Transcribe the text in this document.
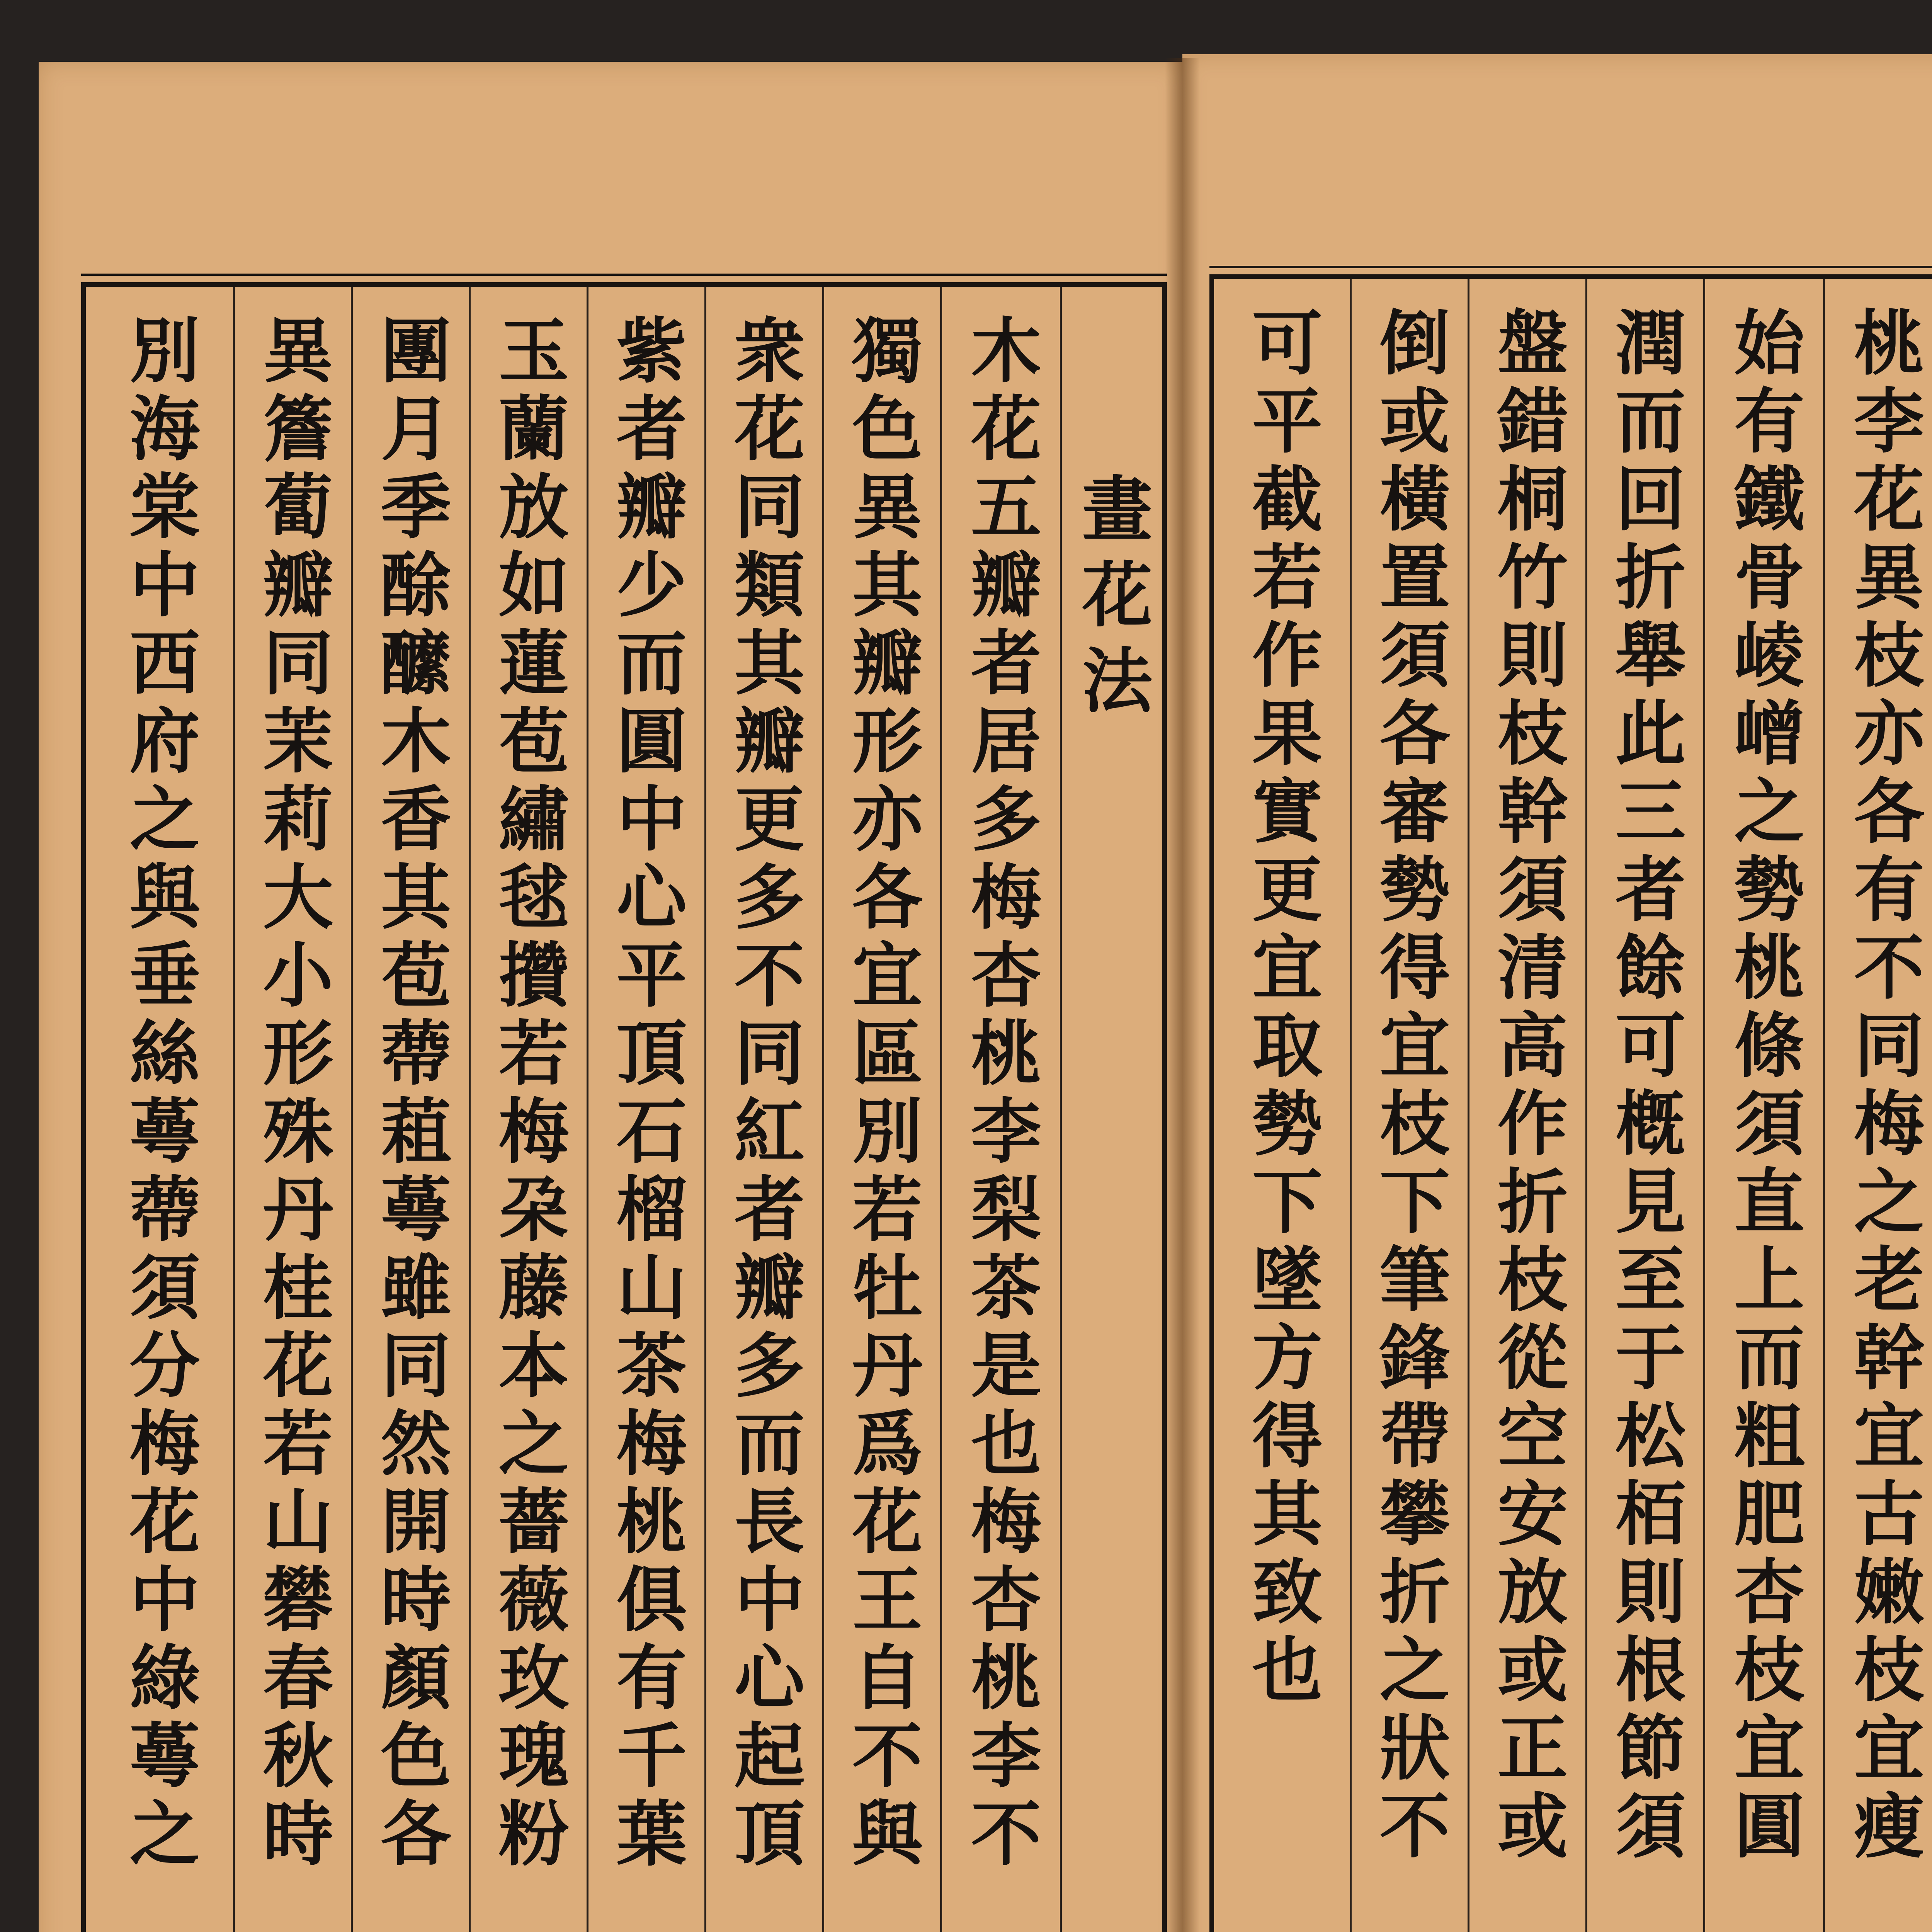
畫花法
木花五瓣者居多梅杏桃李梨茶是也梅杏桃李不
獨色異其瓣形亦各宜區別若牡丹爲花王自不與
衆花同類其瓣更多不同紅者瓣多而長中心起頂
紫者瓣少而圓中心平頂石榴山茶梅桃俱有千葉
玉蘭放如蓮苞繡毬攢若梅朶藤本之薔薇玫瑰粉
團月季酴醿木香其苞蔕蒩蕚雖同然開時顏色各
異簷蔔瓣同茉莉大小形殊丹桂花若山礬春秋時
別海棠中西府之與垂絲蕚蔕須分梅花中綠蕚之	桃李花異枝亦各有不同梅之老幹宜古嫩枝宜瘦
始有鐵骨崚嶒之勢桃條須直上而粗肥杏枝宜圓
潤而回折舉此三者餘可槪見至于松栢則根節須
盤錯桐竹則枝幹須清高作折枝從空安放或正或
倒或橫置須各審勢得宜枝下筆鋒帶攀折之狀不
可平截若作果實更宜取勢下墜方得其致也
